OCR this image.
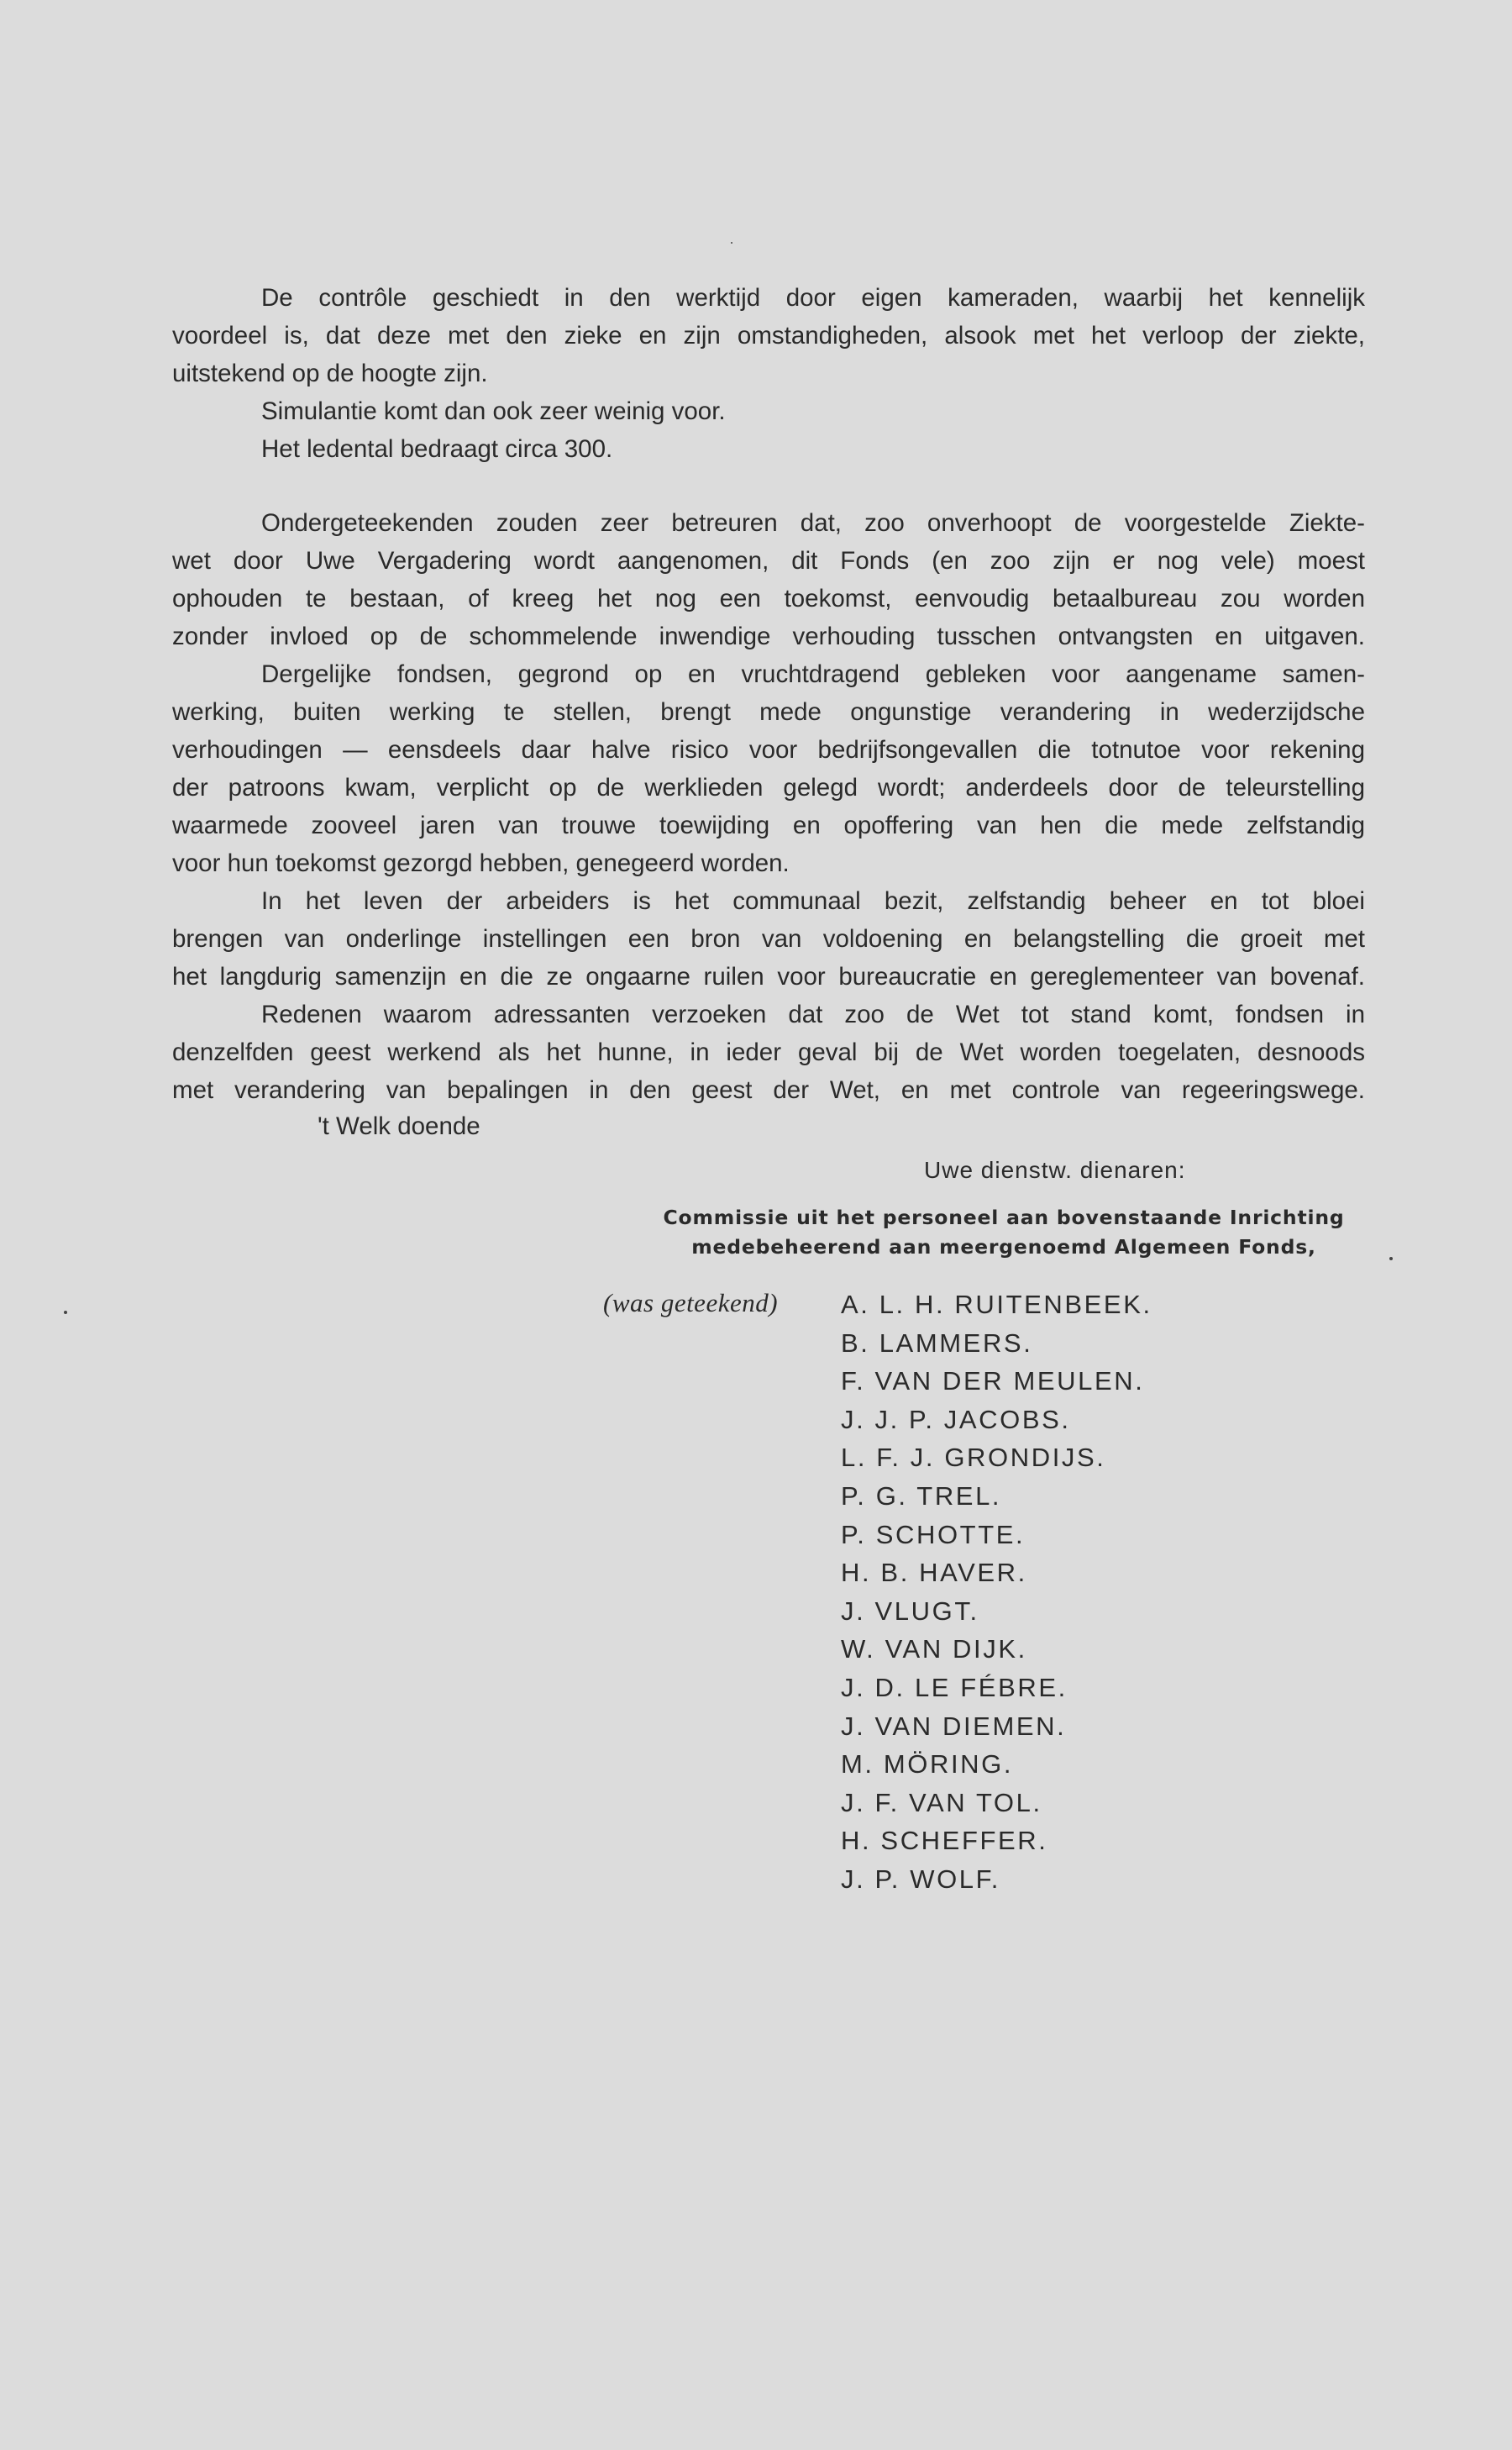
De contrôle geschiedt in den werktijd door eigen kameraden, waarbij het kennelijk
voordeel is, dat deze met den zieke en zijn omstandigheden, alsook met het verloop der ziekte,
uitstekend op de hoogte zijn.
Simulantie komt dan ook zeer weinig voor.
Het ledental bedraagt circa 300.
Ondergeteekenden zouden zeer betreuren dat, zoo onverhoopt de voorgestelde Ziekte-
wet door Uwe Vergadering wordt aangenomen, dit Fonds (en zoo zijn er nog vele) moest
ophouden te bestaan, of kreeg het nog een toekomst, eenvoudig betaalbureau zou worden
zonder invloed op de schommelende inwendige verhouding tusschen ontvangsten en uitgaven.
Dergelijke fondsen, gegrond op en vruchtdragend gebleken voor aangename samen-
werking, buiten werking te stellen, brengt mede ongunstige verandering in wederzijdsche
verhoudingen — eensdeels daar halve risico voor bedrijfsongevallen die totnutoe voor rekening
der patroons kwam, verplicht op de werklieden gelegd wordt; anderdeels door de teleurstelling
waarmede zooveel jaren van trouwe toewijding en opoffering van hen die mede zelfstandig
voor hun toekomst gezorgd hebben, genegeerd worden.
In het leven der arbeiders is het communaal bezit, zelfstandig beheer en tot bloei
brengen van onderlinge instellingen een bron van voldoening en belangstelling die groeit met
het langdurig samenzijn en die ze ongaarne ruilen voor bureaucratie en gereglementeer van bovenaf.
Redenen waarom adressanten verzoeken dat zoo de Wet tot stand komt, fondsen in
denzelfden geest werkend als het hunne, in ieder geval bij de Wet worden toegelaten, desnoods
met verandering van bepalingen in den geest der Wet, en met controle van regeeringswege.
't Welk doende
Uwe dienstw. dienaren:
Commissie uit het personeel aan bovenstaande Inrichting
medebeheerend aan meergenoemd Algemeen Fonds,
(was geteekend) A. L. H. RUITENBEEK.
B. LAMMERS.
F. VAN DER MEULEN.
J. J. P. JACOBS.
L. F. J. GRONDIJS.
P. G. TREL.
P. SCHOTTE.
H. B. HAVER.
J. VLUGT.
W. VAN DIJK.
J. D. LE FÉBRE.
J. VAN DIEMEN.
M. MÖRING.
J. F. VAN TOL.
H. SCHEFFER.
J. P. WOLF.
